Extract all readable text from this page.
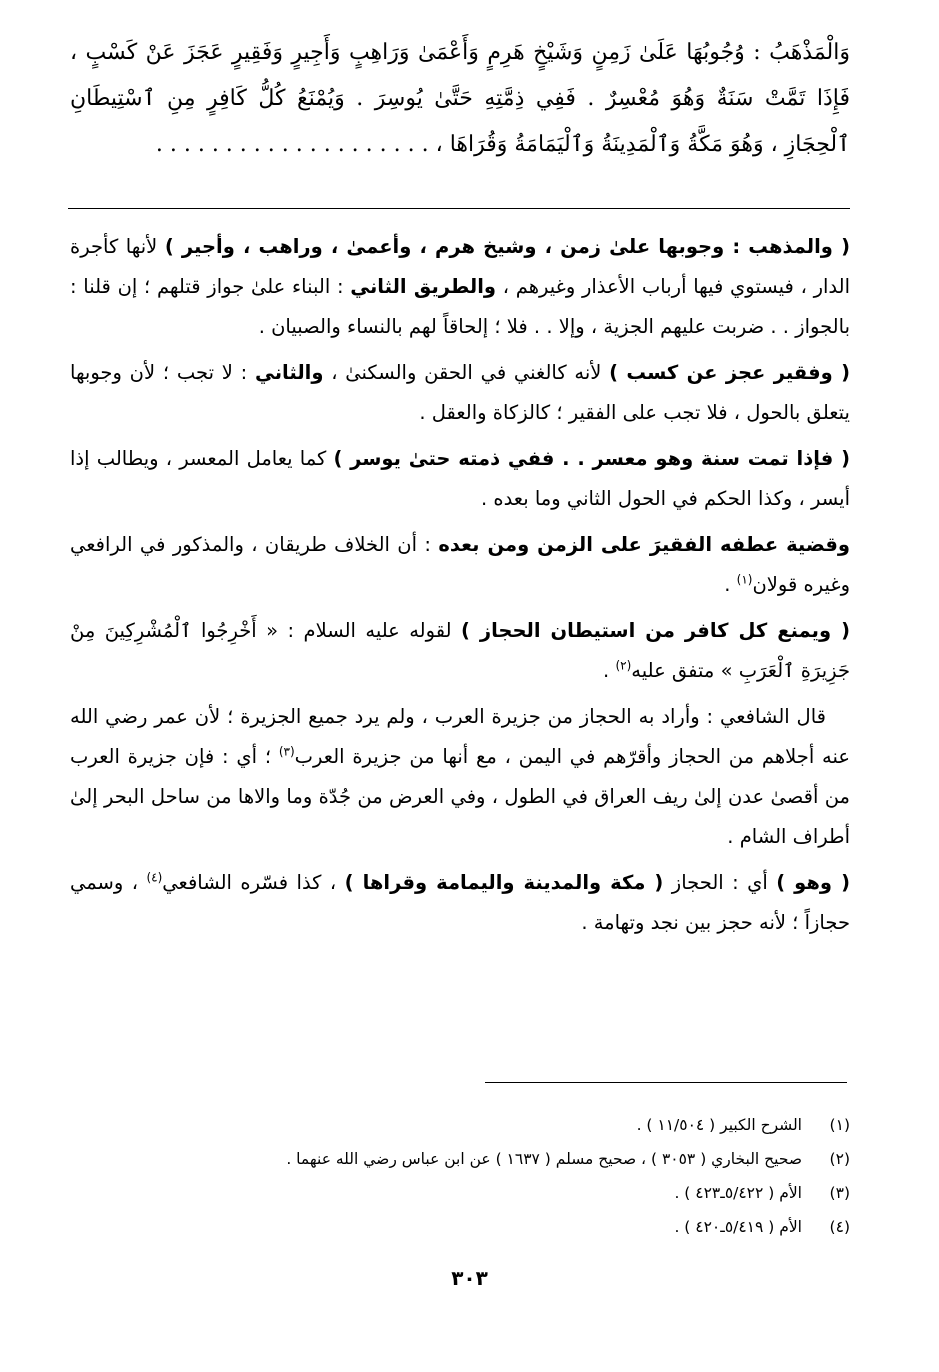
وَالْمَذْهَبُ : وُجُوبُهَا عَلَىٰ زَمِنٍ وَشَيْخٍ هَرِمٍ وَأَعْمَىٰ وَرَاهِبٍ وَأَجِيرٍ وَفَقِيرٍ عَجَزَ عَنْ كَسْبٍ ، فَإِذَا تَمَّتْ سَنَةٌ وَهُوَ مُعْسِرٌ . فَفِي ذِمَّتِهِ حَتَّىٰ يُوسِرَ . وَيُمْنَعُ كُلُّ كَافِرٍ مِنِ ٱسْتِيطَانِ ٱلْحِجَازِ ، وَهُوَ مَكَّةُ وَٱلْمَدِينَةُ وَٱلْيَمَامَةُ وَقُرَاهَا ، . . . . . . . . . . . . . . . . . . . .

( والمذهب : وجوبها علىٰ زمن ، وشيخ هرم ، وأعمىٰ ، وراهب ، وأجير ) لأنها كأجرة الدار ، فيستوي فيها أرباب الأعذار وغيرهم ، والطريق الثاني : البناء علىٰ جواز قتلهم ؛ إن قلنا : بالجواز . . ضربت عليهم الجزية ، وإلا . . فلا ؛ إلحاقاً لهم بالنساء والصبيان .

( وفقير عجز عن كسب ) لأنه كالغني في الحقن والسكنىٰ ، والثاني : لا تجب ؛ لأن وجوبها يتعلق بالحول ، فلا تجب على الفقير ؛ كالزكاة والعقل .

( فإذا تمت سنة وهو معسر . . ففي ذمته حتىٰ يوسر ) كما يعامل المعسر ، ويطالب إذا أيسر ، وكذا الحكم في الحول الثاني وما بعده .

وقضية عطفه الفقيرَ على الزمن ومن بعده : أن الخلاف طريقان ، والمذكور في الرافعي وغيره قولان$^{(١)}$ .

( ويمنع كل كافر من استيطان الحجاز ) لقوله عليه السلام : « أَخْرِجُوا ٱلْمُشْرِكِينَ مِنْ جَزِيرَةِ ٱلْعَرَبِ » متفق عليه$^{(٢)}$ .

قال الشافعي : وأراد به الحجاز من جزيرة العرب ، ولم يرد جميع الجزيرة ؛ لأن عمر رضي الله عنه أجلاهم من الحجاز وأقرّهم في اليمن ، مع أنها من جزيرة العرب$^{(٣)}$ ؛ أي : فإن جزيرة العرب من أقصىٰ عدن إلىٰ ريف العراق في الطول ، وفي العرض من جُدّة وما والاها من ساحل البحر إلىٰ أطراف الشام .

( وهو ) أي : الحجاز ( مكة والمدينة واليمامة وقراها ) ، كذا فسّره الشافعي$^{(٤)}$ ، وسمي حجازاً ؛ لأنه حجز بين نجد وتهامة .

(١)
الشرح الكبير ( ١١/٥٠٤ ) .
(٢)
صحيح البخاري ( ٣٠٥٣ ) ، صحيح مسلم ( ١٦٣٧ ) عن ابن عباس رضي الله عنهما .
(٣)
الأم ( ٥/٤٢٢ـ٤٢٣ ) .
(٤)
الأم ( ٥/٤١٩ـ٤٢٠ ) .
٣٠٣
